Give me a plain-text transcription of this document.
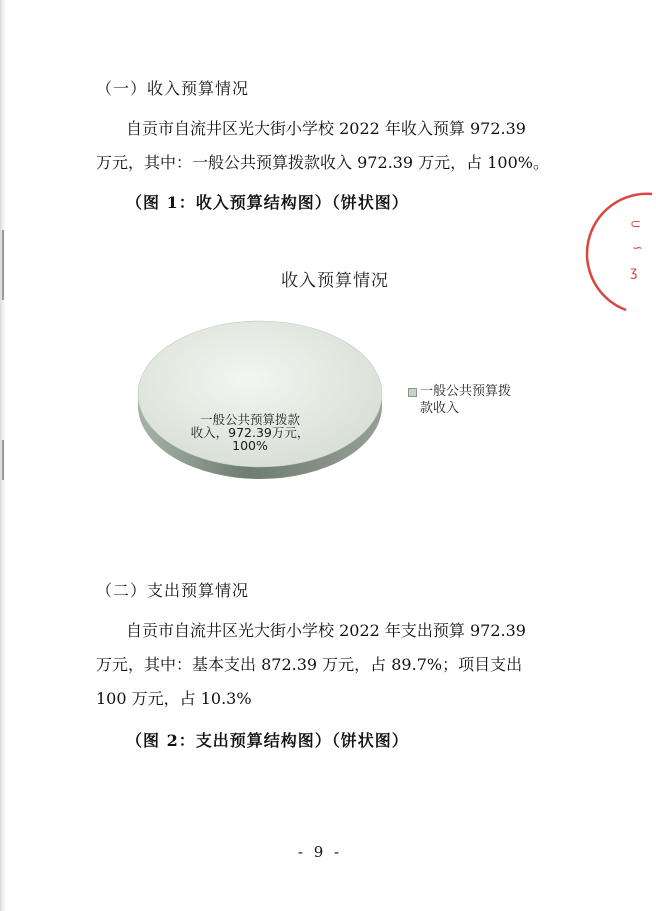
（一）收入预算情况

自贡市自流井区光大街小学校 2022 年收入预算 972.39
万元，其中：一般公共预算拨款收入 972.39 万元，占 100%。

（图 1：收入预算结构图）（饼状图）
收入预算情况
一般公共预算拨款收入，972.39万元， 100%
一般公共预算拨
款收入
（二）支出预算情况

自贡市自流井区光大街小学校 2022 年支出预算 972.39
万元，其中：基本支出 872.39 万元，占 89.7%；项目支出
100 万元，占 10.3%

（图 2：支出预算结构图）（饼状图）
⊂
∽
ʒ
- 9 -
